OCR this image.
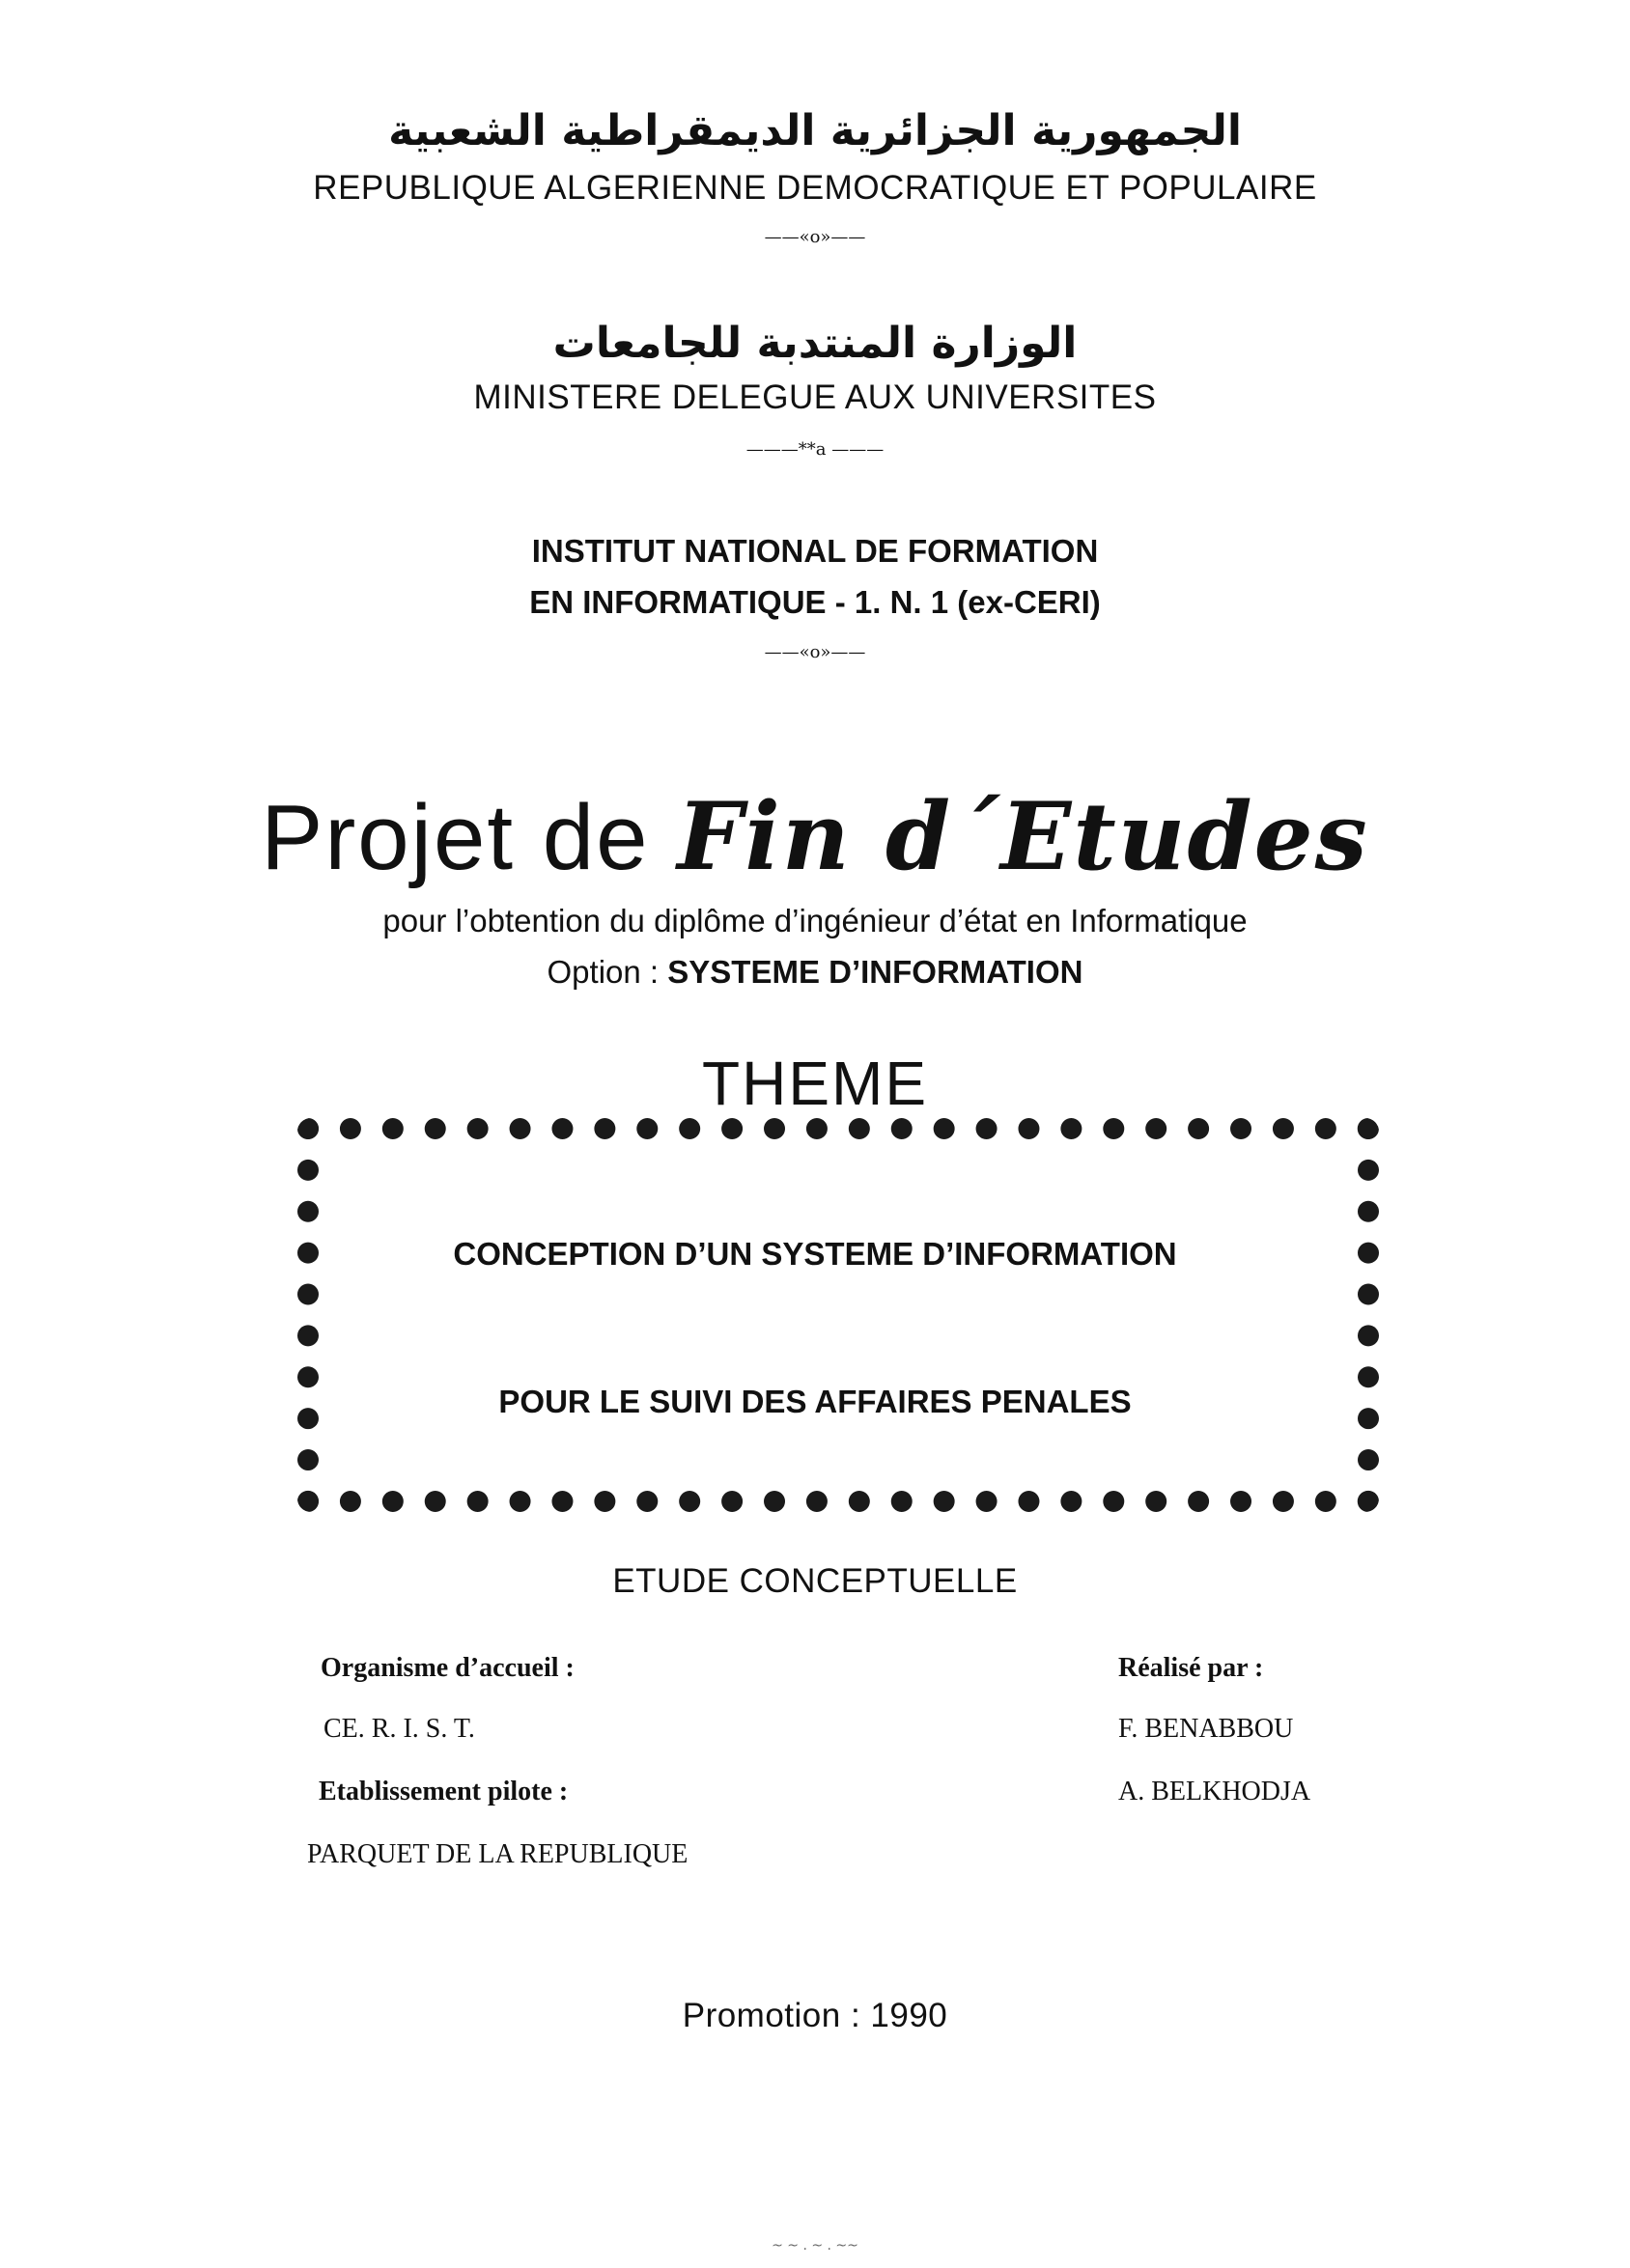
الجمهورية الجزائرية الديمقراطية الشعبية
REPUBLIQUE ALGERIENNE DEMOCRATIQUE ET POPULAIRE
——«o»——
الوزارة المنتدبة للجامعات
MINISTERE DELEGUE AUX UNIVERSITES
———**a ———
INSTITUT NATIONAL DE FORMATION
EN INFORMATIQUE - 1. N. 1 (ex-CERI)
——«o»——
Projet de Fin d´Etudes
pour l’obtention du diplôme d’ingénieur d’état en Informatique
Option : SYSTEME D’INFORMATION
THEME
CONCEPTION D’UN SYSTEME D’INFORMATION
POUR LE SUIVI DES AFFAIRES PENALES
ETUDE CONCEPTUELLE
Organisme d’accueil :
CE. R. I. S. T.
Etablissement pilote :
PARQUET DE LA REPUBLIQUE
Réalisé par :
F. BENABBOU
A. BELKHODJA
Promotion : 1990
~ ~ . ~ . ~~
